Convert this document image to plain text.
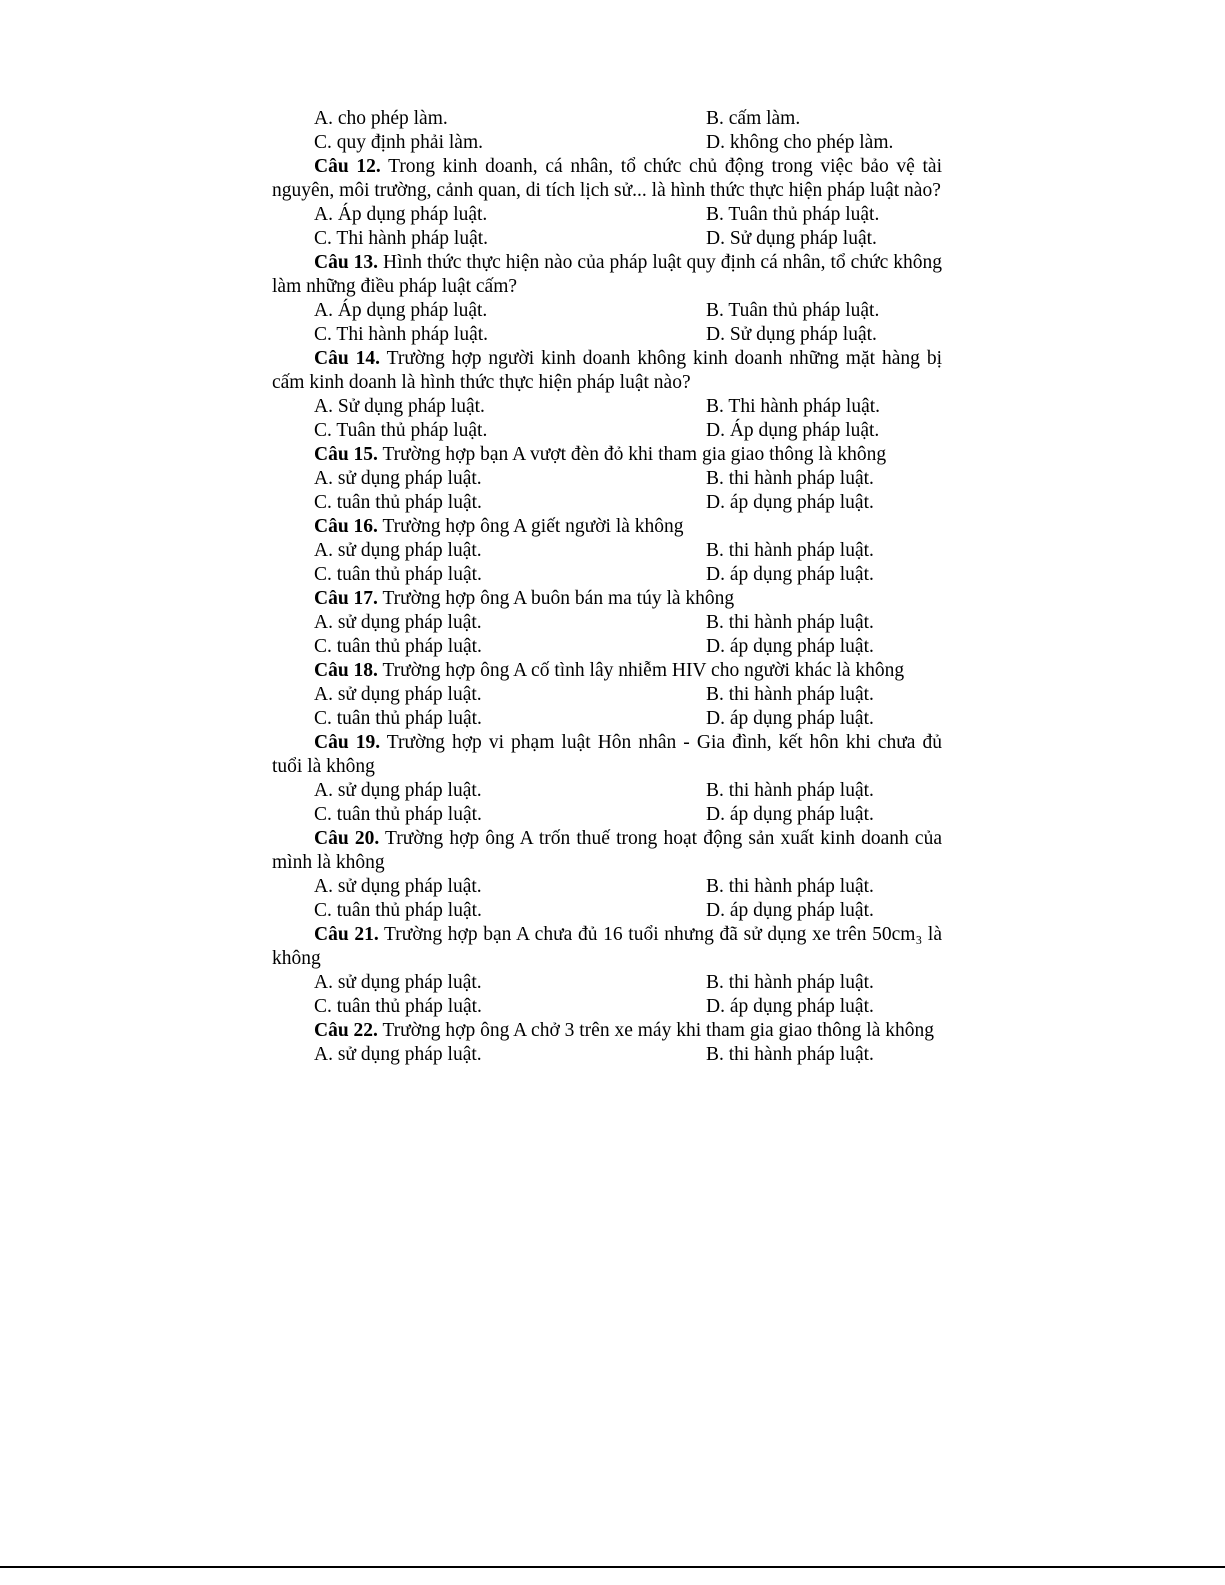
A. cho phép làm.	B. cấm làm.
C. quy định phải làm.	D. không cho phép làm.
Câu 12. Trong kinh doanh, cá nhân, tổ chức chủ động trong việc bảo vệ tài nguyên, môi trường, cảnh quan, di tích lịch sử... là hình thức thực hiện pháp luật nào?
A. Áp dụng pháp luật.	B. Tuân thủ pháp luật.
C. Thi hành pháp luật.	D. Sử dụng pháp luật.
Câu 13. Hình thức thực hiện nào của pháp luật quy định cá nhân, tổ chức không làm những điều pháp luật cấm?
A. Áp dụng pháp luật.	B. Tuân thủ pháp luật.
C. Thi hành pháp luật.	D. Sử dụng pháp luật.
Câu 14. Trường hợp người kinh doanh không kinh doanh những mặt hàng bị cấm kinh doanh là hình thức thực hiện pháp luật nào?
A. Sử dụng pháp luật.	B. Thi hành pháp luật.
C. Tuân thủ pháp luật.	D. Áp dụng pháp luật.
Câu 15. Trường hợp bạn A vượt đèn đỏ khi tham gia giao thông là không
A. sử dụng pháp luật.	B. thi hành pháp luật.
C. tuân thủ pháp luật.	D. áp dụng pháp luật.
Câu 16. Trường hợp ông A giết người là không
A. sử dụng pháp luật.	B. thi hành pháp luật.
C. tuân thủ pháp luật.	D. áp dụng pháp luật.
Câu 17. Trường hợp ông A buôn bán ma túy là không
A. sử dụng pháp luật.	B. thi hành pháp luật.
C. tuân thủ pháp luật.	D. áp dụng pháp luật.
Câu 18. Trường hợp ông A cố tình lây nhiễm HIV cho người khác là không
A. sử dụng pháp luật.	B. thi hành pháp luật.
C. tuân thủ pháp luật.	D. áp dụng pháp luật.
Câu 19. Trường hợp vi phạm luật Hôn nhân - Gia đình, kết hôn khi chưa đủ tuổi là không
A. sử dụng pháp luật.	B. thi hành pháp luật.
C. tuân thủ pháp luật.	D. áp dụng pháp luật.
Câu 20. Trường hợp ông A trốn thuế trong hoạt động sản xuất kinh doanh của mình là không
A. sử dụng pháp luật.	B. thi hành pháp luật.
C. tuân thủ pháp luật.	D. áp dụng pháp luật.
Câu 21. Trường hợp bạn A chưa đủ 16 tuổi nhưng đã sử dụng xe trên 50cm₃ là không
A. sử dụng pháp luật.	B. thi hành pháp luật.
C. tuân thủ pháp luật.	D. áp dụng pháp luật.
Câu 22. Trường hợp ông A chở 3 trên xe máy khi tham gia giao thông là không
A. sử dụng pháp luật.	B. thi hành pháp luật.
